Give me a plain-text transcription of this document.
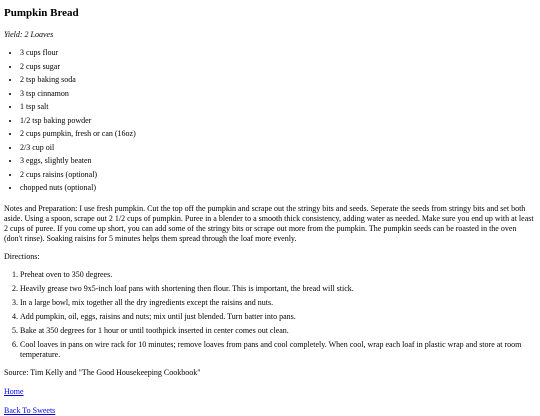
Pumpkin Bread
Yield: 2 Loaves
• 3 cups flour
• 2 cups sugar
• 2 tsp baking soda
• 3 tsp cinnamon
• 1 tsp salt
• 1/2 tsp baking powder
• 2 cups pumpkin, fresh or can (16oz)
• 2/3 cup oil
• 3 eggs, slightly beaten
• 2 cups raisins (optional)
• chopped nuts (optional)

Notes and Preparation: I use fresh pumpkin. Cut the top off the pumpkin and scrape out the stringy bits and seeds. Seperate the seeds from stringy bits and set both aside. Using a spoon, scrape out 2 1/2 cups of pumpkin. Puree in a blender to a smooth thick consistency, adding water as needed. Make sure you end up with at least 2 cups of puree. If you come up short, you can add some of the stringy bits or scrape out more from the pumpkin. The pumpkin seeds can be roasted in the oven (don't rinse). Soaking raisins for 5 minutes helps them spread through the loaf more evenly.

Directions:

1. Preheat oven to 350 degrees.
2. Heavily grease two 9x5-inch loaf pans with shortening then flour. This is important, the bread will stick.
3. In a large bowl, mix together all the dry ingredients except the raisins and nuts.
4. Add pumpkin, oil, eggs, raisins and nuts; mix until just blended. Turn batter into pans.
5. Bake at 350 degrees for 1 hour or until toothpick inserted in center comes out clean.
6. Cool loaves in pans on wire rack for 10 minutes; remove loaves from pans and cool completely. When cool, wrap each loaf in plastic wrap and store at room temperature.
Source: Tim Kelly and "The Good Housekeeping Cookbook"
Home
Back To Sweets
